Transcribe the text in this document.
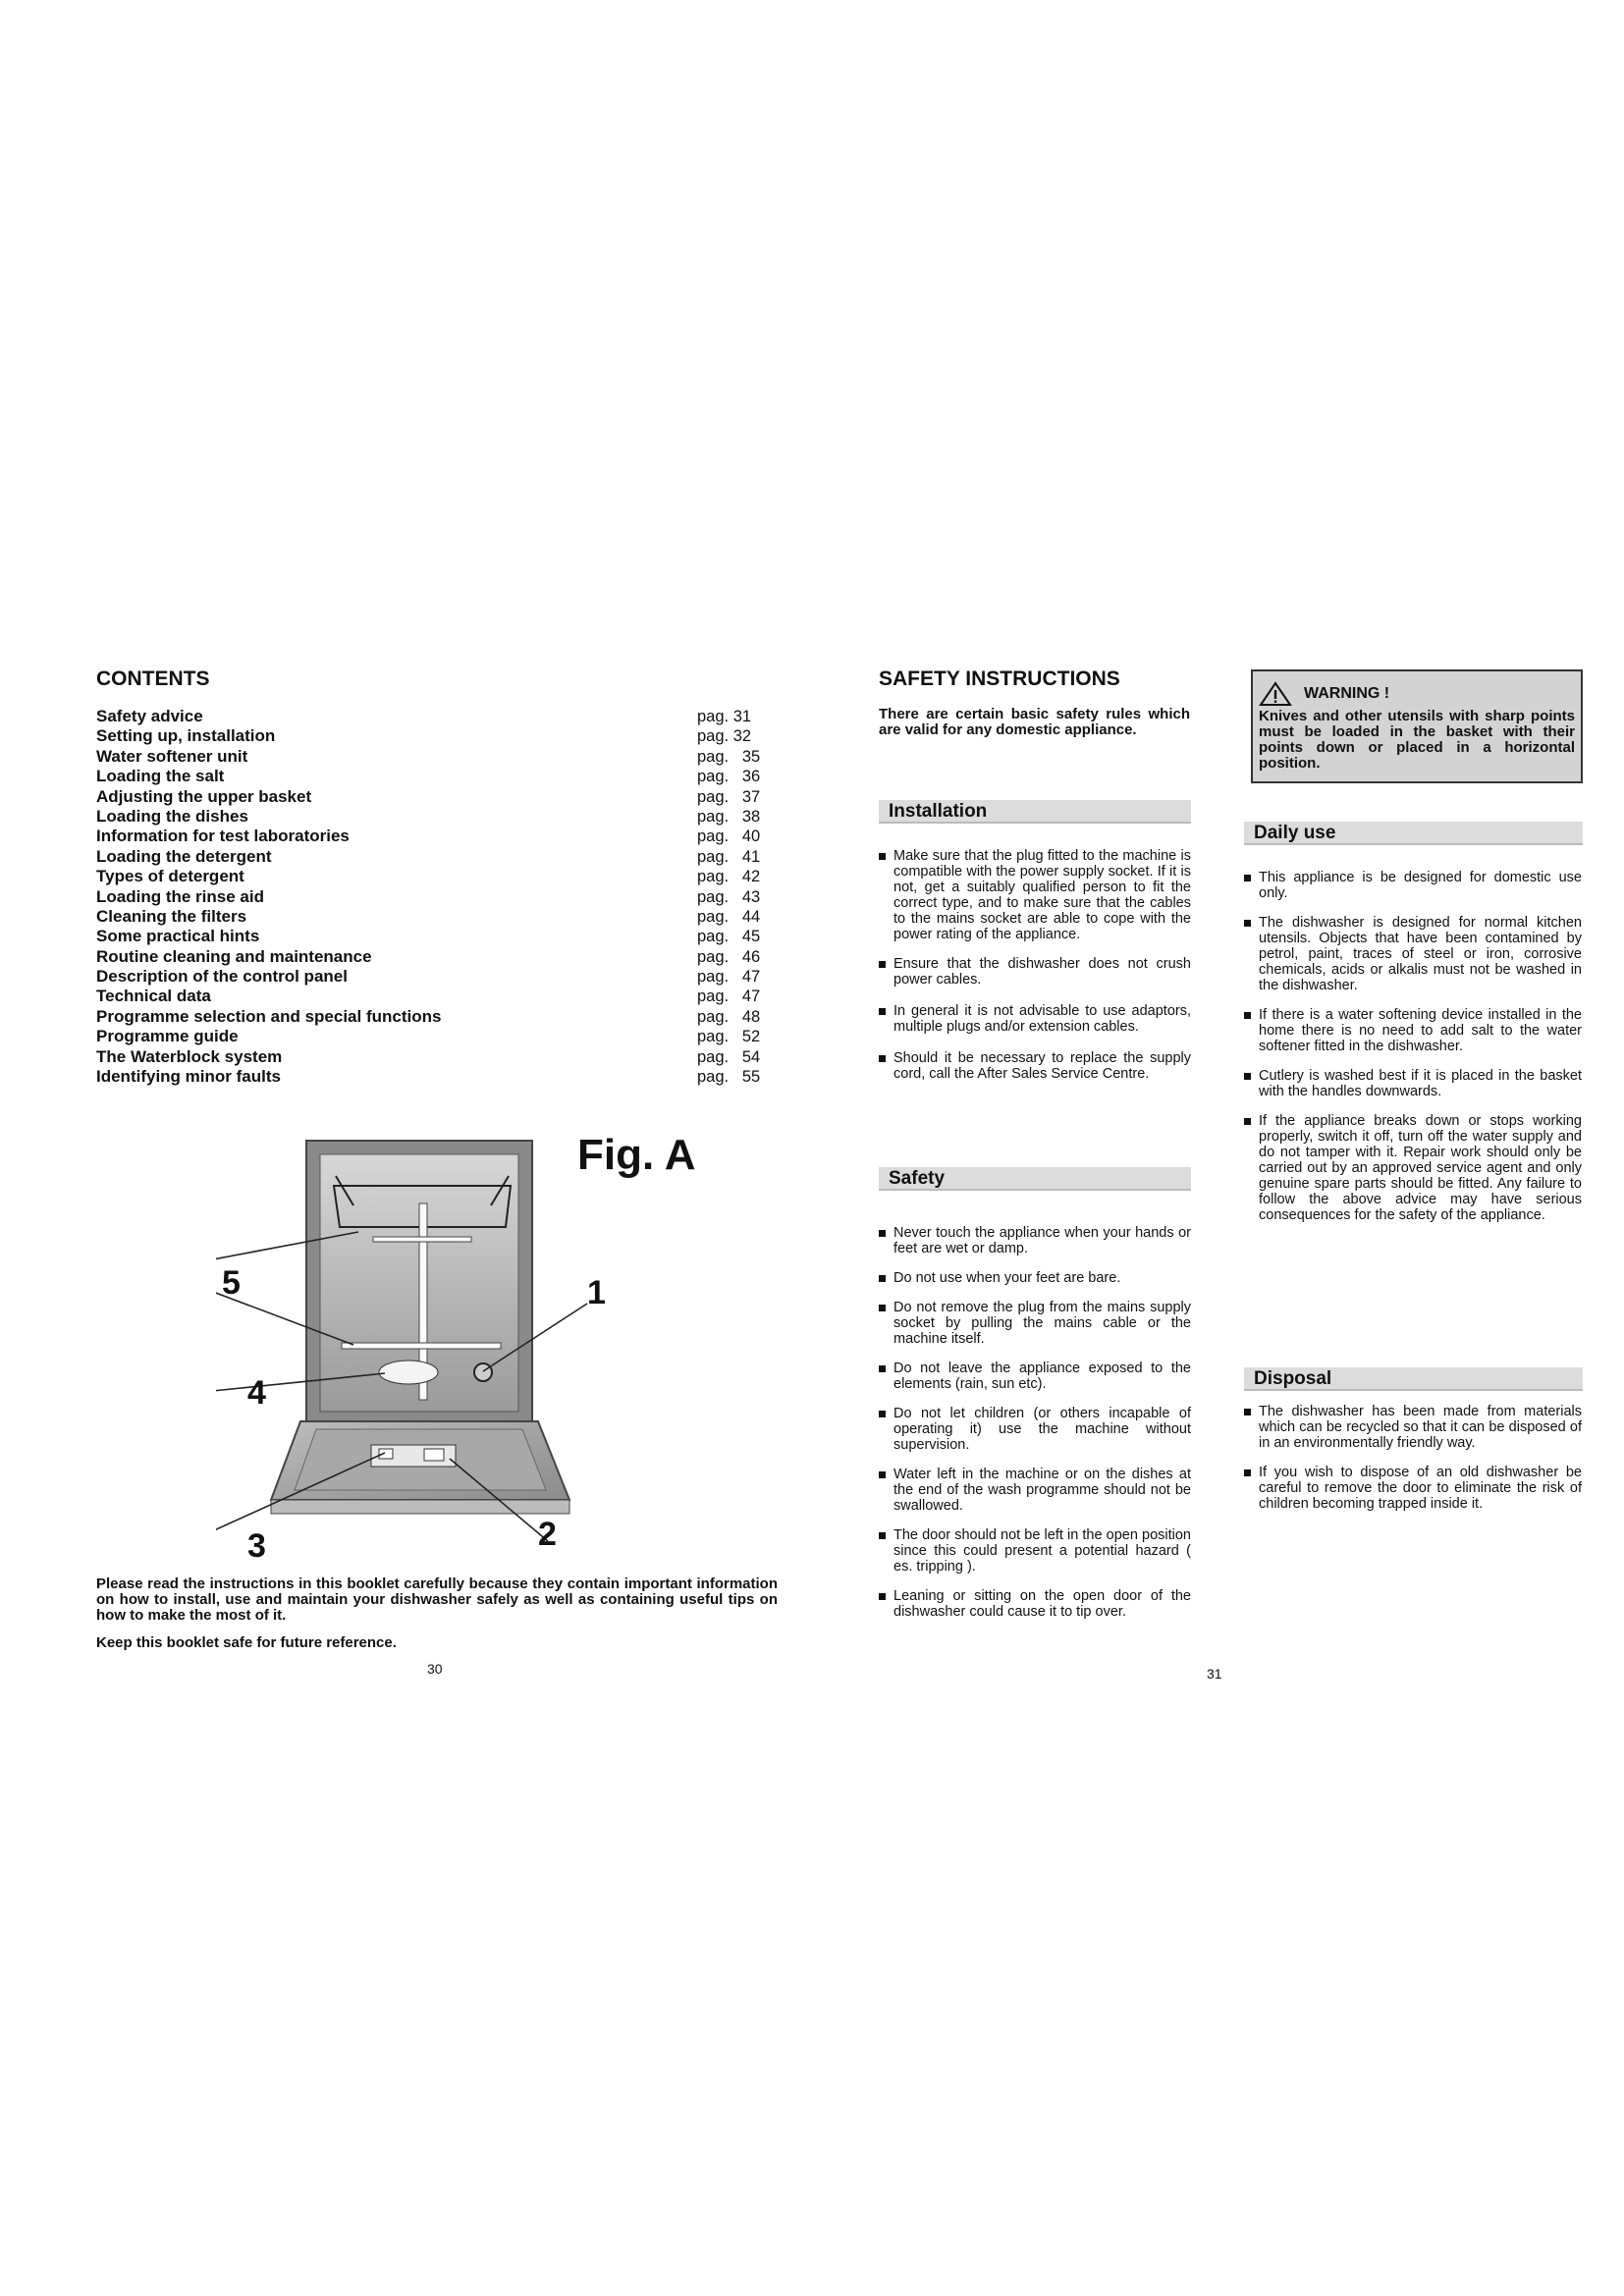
CONTENTS
Safety advice	pag. 31
Setting up, installation	pag. 32
Water softener unit	pag.   35
Loading the salt	pag.   36
Adjusting the upper basket	pag.   37
Loading the dishes	pag.   38
Information for test laboratories	pag.   40
Loading the detergent	pag.   41
Types of detergent	pag.   42
Loading the rinse aid	pag.   43
Cleaning the filters	pag.   44
Some practical hints	pag.   45
Routine cleaning and maintenance	pag.   46
Description of the control panel	pag.   47
Technical data	pag.   47
Programme selection and special functions	pag.   48
Programme guide	pag.   52
The Waterblock system	pag.   54
Identifying minor faults	pag.   55
1
2
3
4
5
Fig. A

Please read the instructions in this booklet carefully because they contain important information on how to install, use and maintain your dishwasher safely as well as containing useful tips on how to make the most of it.

Keep this booklet safe for future reference.

30

SAFETY INSTRUCTIONS

There are certain basic safety rules which are valid for any domestic appliance.

Installation
Make sure that the plug fitted to the machine is compatible with the power supply socket. If it is not, get a suitably qualified person to fit the correct type, and to make sure that the cables to the mains socket are able to cope with the power rating of the appliance.
Ensure that the dishwasher does not crush power cables.
In general it is not advisable to use adaptors, multiple plugs and/or extension cables.
Should it be necessary to replace the supply cord, call the After Sales Service Centre.
Safety
Never touch the appliance when your hands or feet are wet or damp.
Do not use when your feet are bare.
Do not remove the plug from the mains supply socket by pulling the mains cable or the machine itself.
Do not leave the appliance exposed to the elements (rain, sun etc).
Do not let children (or others incapable of operating it) use the machine without supervision.
Water left in the machine or on the dishes at the end of the wash programme should not be swallowed.
The door should not be left in the open position since this could present a potential hazard ( es. tripping ).
Leaning or sitting on the open door of the dishwasher could cause it to tip over.
WARNING !

Knives and other utensils with sharp points must be loaded in the basket with their points down or placed in a horizontal position.

Daily use
This appliance is be designed for domestic use only.
The dishwasher is designed for normal kitchen utensils. Objects that have been contamined by petrol, paint, traces of steel or iron, corrosive chemicals, acids or alkalis must not be washed in the dishwasher.
If there is a water softening device installed in the home there is no need to add salt to the water softener fitted in the dishwasher.
Cutlery is washed best if it is placed in the basket with the handles downwards.
If the appliance breaks down or stops working properly, switch it off, turn off the water supply and do not tamper with it. Repair work should only be carried out by an approved service agent and only genuine spare parts should be fitted. Any failure to follow the above advice may have serious consequences for the safety of the appliance.
Disposal
The dishwasher has been made from materials which can be recycled so that it can be disposed of in an environmentally friendly way.
If you wish to dispose of an old dishwasher be careful to remove the door to eliminate the risk of children becoming trapped inside it.

31
